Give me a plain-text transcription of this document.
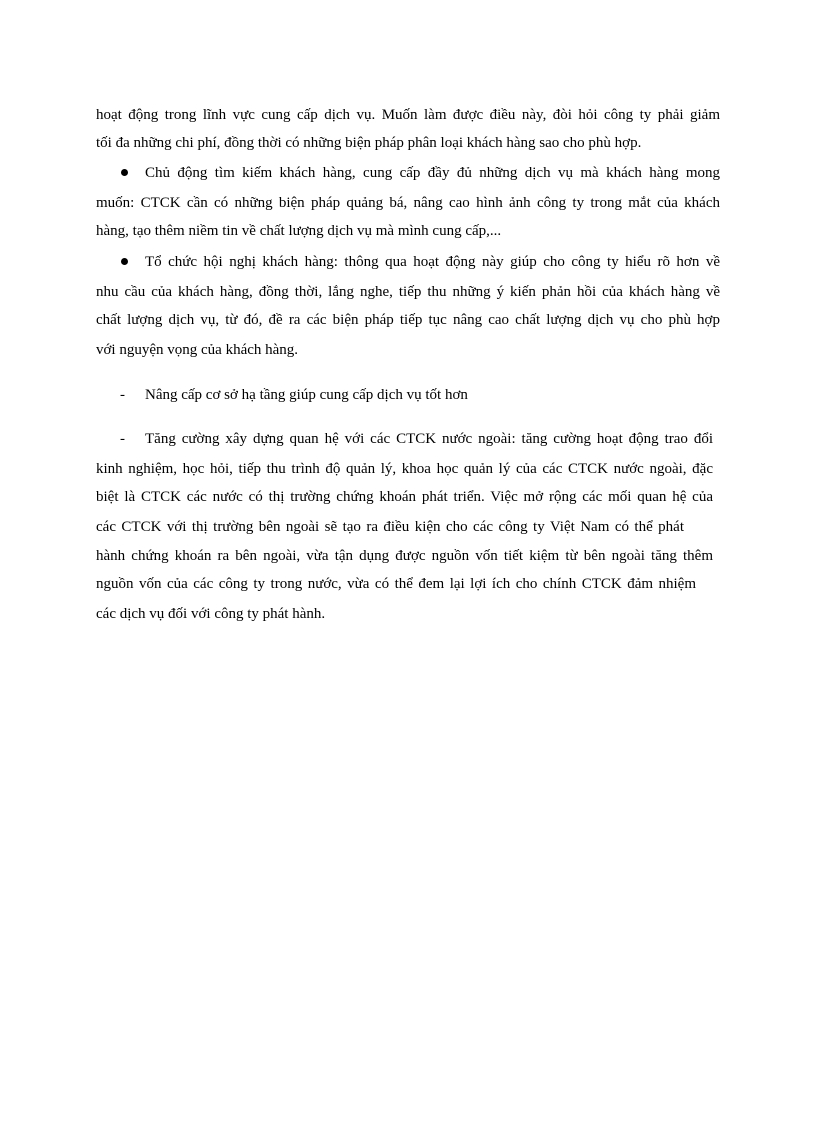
hoạt động trong lĩnh vực cung cấp dịch vụ. Muốn làm được điều này, đòi hỏi công ty phải giảm
tối đa những chi phí, đồng thời có những biện pháp phân loại khách hàng sao cho phù hợp.
Chủ động tìm kiếm khách hàng, cung cấp đầy đủ những dịch vụ mà khách hàng mong
muốn: CTCK cần có những biện pháp quảng bá, nâng cao hình ảnh công ty trong mắt của khách
hàng, tạo thêm niềm tin về chất lượng dịch vụ mà mình cung cấp,...
Tổ chức hội nghị khách hàng: thông qua hoạt động này giúp cho công ty hiểu rõ hơn về
nhu cầu của khách hàng, đồng thời, lắng nghe, tiếp thu những ý kiến phản hồi của khách hàng về
chất lượng dịch vụ, từ đó, đề ra các biện pháp tiếp tục nâng cao chất lượng dịch vụ cho phù hợp
với nguyện vọng của khách hàng.
- Nâng cấp cơ sở hạ tầng giúp cung cấp dịch vụ tốt hơn
- Tăng cường xây dựng quan hệ với các CTCK nước ngoài: tăng cường hoạt động trao đổi
kinh nghiệm, học hỏi, tiếp thu trình độ quản lý, khoa học quản lý của các CTCK nước ngoài, đặc
biệt là CTCK các nước có thị trường chứng khoán phát triển. Việc mở rộng các mối quan hệ của
các CTCK với thị trường bên ngoài sẽ tạo ra điều kiện cho các công ty Việt Nam có thể phát
hành chứng khoán ra bên ngoài, vừa tận dụng được nguồn vốn tiết kiệm từ bên ngoài tăng thêm
nguồn vốn của các công ty trong nước, vừa có thể đem lại lợi ích cho chính CTCK đảm nhiệm
các dịch vụ đối với công ty phát hành.
